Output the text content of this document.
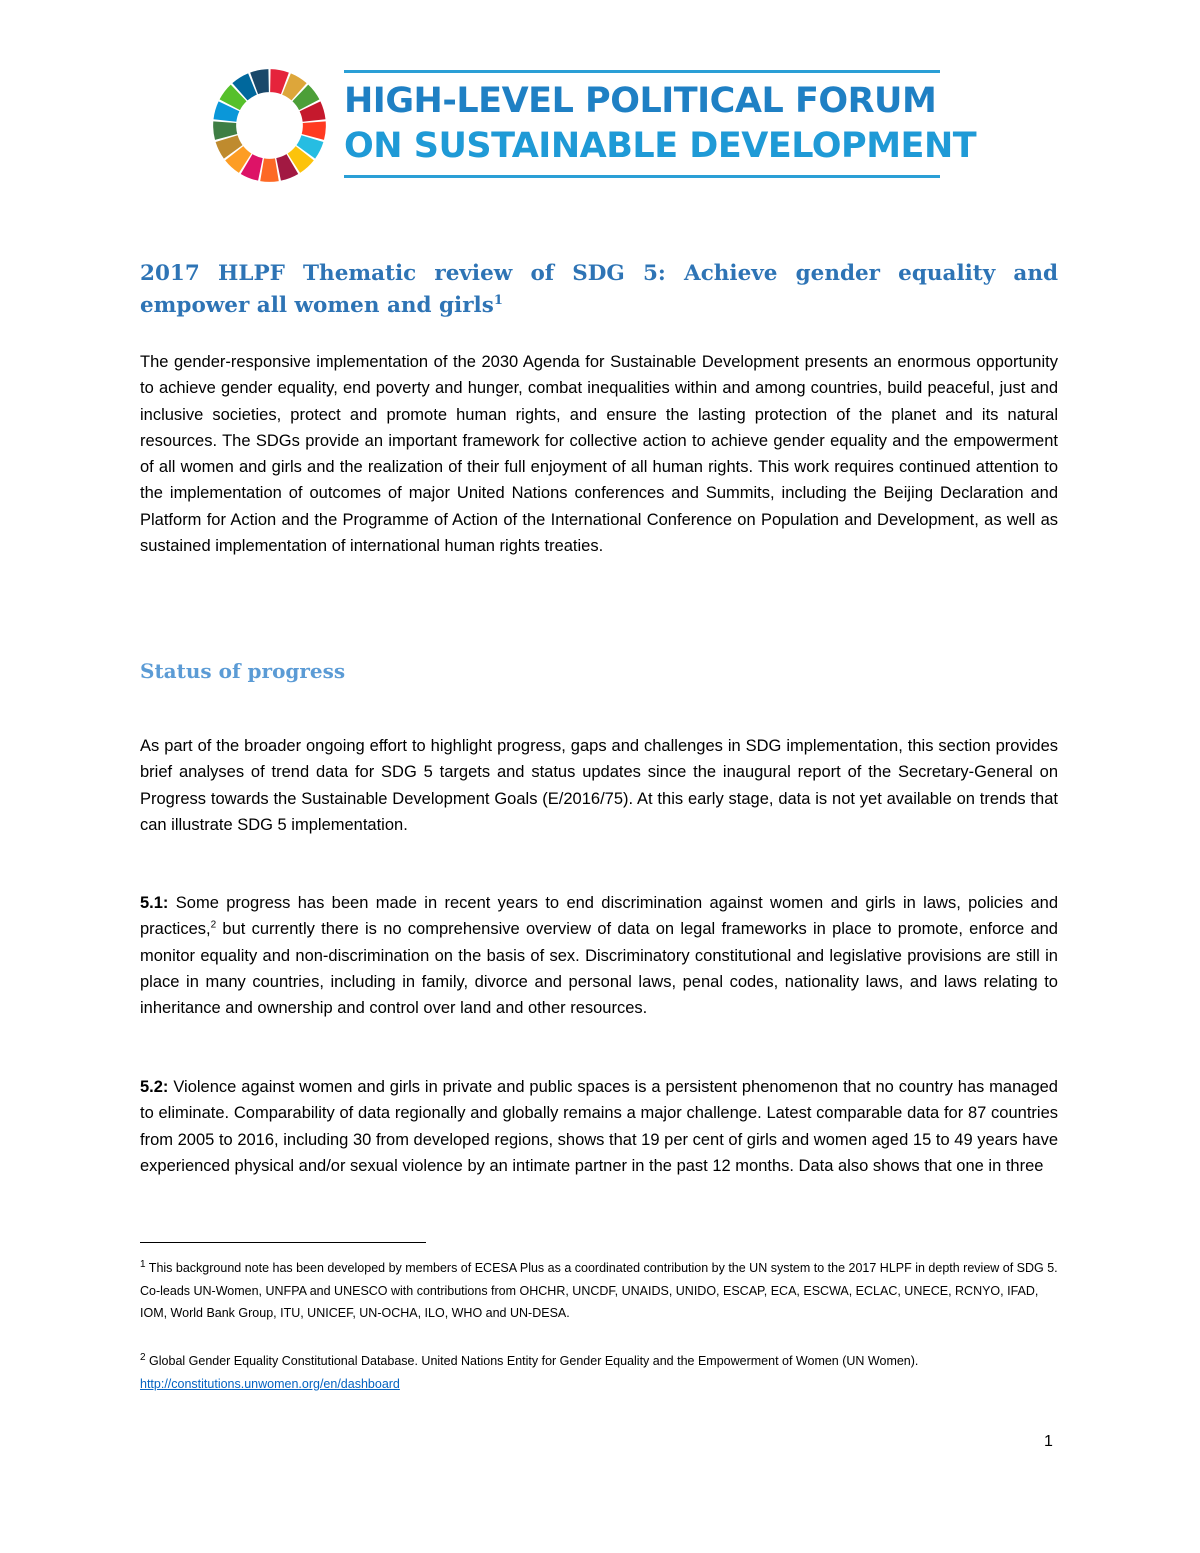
HIGH-LEVEL POLITICAL FORUM
ON SUSTAINABLE DEVELOPMENT
2017 HLPF Thematic review of SDG 5: Achieve gender equality and empower all women and girls$^1$

The gender-responsive implementation of the 2030 Agenda for Sustainable Development presents an enormous opportunity to achieve gender equality, end poverty and hunger, combat inequalities within and among countries, build peaceful, just and inclusive societies, protect and promote human rights, and ensure the lasting protection of the planet and its natural resources. The SDGs provide an important framework for collective action to achieve gender equality and the empowerment of all women and girls and the realization of their full enjoyment of all human rights. This work requires continued attention to the implementation of outcomes of major United Nations conferences and Summits, including the Beijing Declaration and Platform for Action and the Programme of Action of the International Conference on Population and Development, as well as sustained implementation of international human rights treaties.

Status of progress

As part of the broader ongoing effort to highlight progress, gaps and challenges in SDG implementation, this section provides brief analyses of trend data for SDG 5 targets and status updates since the inaugural report of the Secretary-General on Progress towards the Sustainable Development Goals (E/2016/75). At this early stage, data is not yet available on trends that can illustrate SDG 5 implementation.

5.1: Some progress has been made in recent years to end discrimination against women and girls in laws, policies and practices,$^2$ but currently there is no comprehensive overview of data on legal frameworks in place to promote, enforce and monitor equality and non-discrimination on the basis of sex. Discriminatory constitutional and legislative provisions are still in place in many countries, including in family, divorce and personal laws, penal codes, nationality laws, and laws relating to inheritance and ownership and control over land and other resources.

5.2: Violence against women and girls in private and public spaces is a persistent phenomenon that no country has managed to eliminate. Comparability of data regionally and globally remains a major challenge. Latest comparable data for 87 countries from 2005 to 2016, including 30 from developed regions, shows that 19 per cent of girls and women aged 15 to 49 years have experienced physical and/or sexual violence by an intimate partner in the past 12 months. Data also shows that one in three

$^1$ This background note has been developed by members of ECESA Plus as a coordinated contribution by the UN system to the 2017 HLPF in depth review of SDG 5. Co-leads UN-Women, UNFPA and UNESCO with contributions from OHCHR, UNCDF, UNAIDS, UNIDO, ESCAP, ECA, ESCWA, ECLAC, UNECE, RCNYO, IFAD, IOM, World Bank Group, ITU, UNICEF, UN-OCHA, ILO, WHO and UN-DESA.
$^2$ Global Gender Equality Constitutional Database. United Nations Entity for Gender Equality and the Empowerment of Women (UN Women).
http://constitutions.unwomen.org/en/dashboard
1
